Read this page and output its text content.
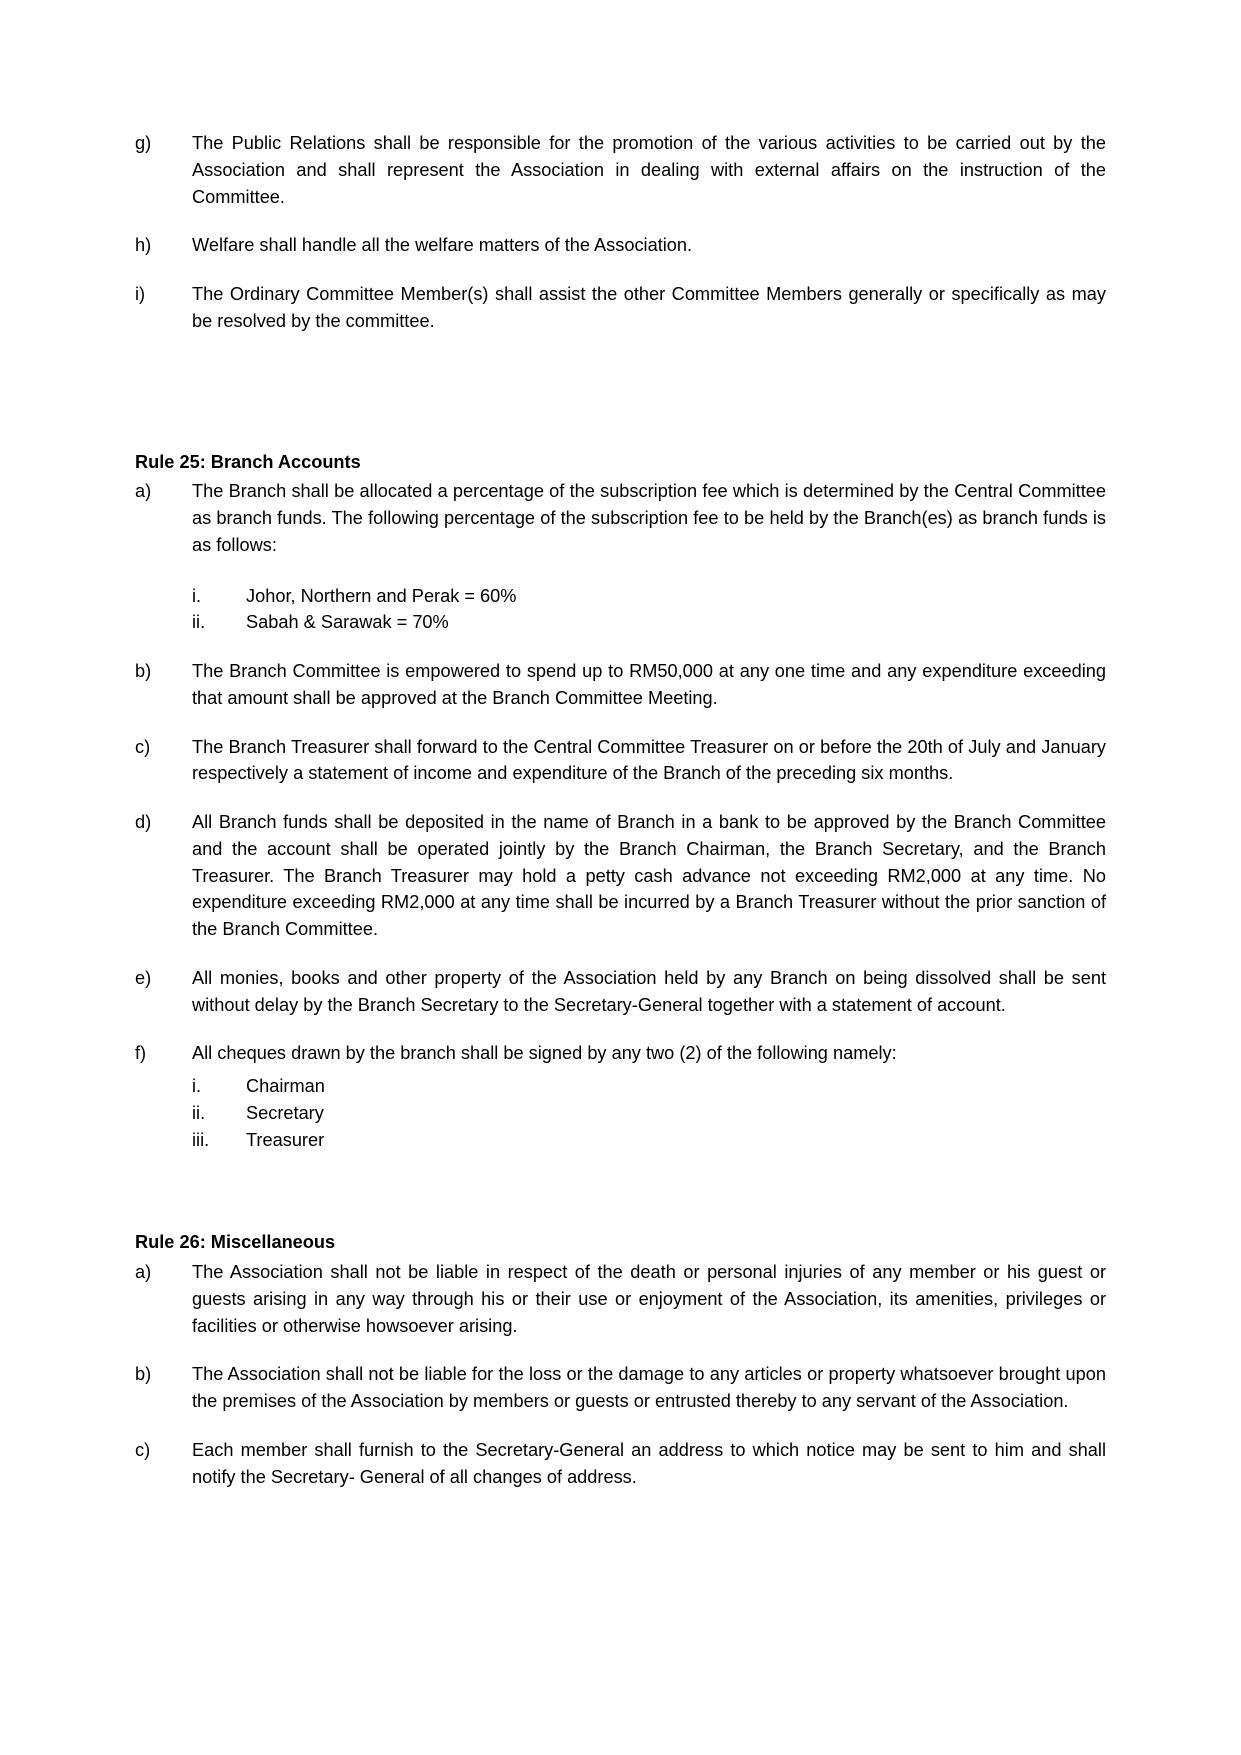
g)	The Public Relations shall be responsible for the promotion of the various activities to be carried out by the Association and shall represent the Association in dealing with external affairs on the instruction of the Committee.
h)	Welfare shall handle all the welfare matters of the Association.
i)	The Ordinary Committee Member(s) shall assist the other Committee Members generally or specifically as may be resolved by the committee.
Rule 25: Branch Accounts
a)	The Branch shall be allocated a percentage of the subscription fee which is determined by the Central Committee as branch funds. The following percentage of the subscription fee to be held by the Branch(es) as branch funds is as follows:
i.	Johor, Northern and Perak = 60%
ii.	Sabah & Sarawak = 70%
b)	The Branch Committee is empowered to spend up to RM50,000 at any one time and any expenditure exceeding that amount shall be approved at the Branch Committee Meeting.
c)	The Branch Treasurer shall forward to the Central Committee Treasurer on or before the 20th of July and January respectively a statement of income and expenditure of the Branch of the preceding six months.
d)	All Branch funds shall be deposited in the name of Branch in a bank to be approved by the Branch Committee and the account shall be operated jointly by the Branch Chairman, the Branch Secretary, and the Branch Treasurer. The Branch Treasurer may hold a petty cash advance not exceeding RM2,000 at any time. No expenditure exceeding RM2,000 at any time shall be incurred by a Branch Treasurer without the prior sanction of the Branch Committee.
e)	All monies, books and other property of the Association held by any Branch on being dissolved shall be sent without delay by the Branch Secretary to the Secretary-General together with a statement of account.
f)	All cheques drawn by the branch shall be signed by any two (2) of the following namely:
i.	Chairman
ii.	Secretary
iii.	Treasurer
Rule 26: Miscellaneous
a)	The Association shall not be liable in respect of the death or personal injuries of any member or his guest or guests arising in any way through his or their use or enjoyment of the Association, its amenities, privileges or facilities or otherwise howsoever arising.
b)	The Association shall not be liable for the loss or the damage to any articles or property whatsoever brought upon the premises of the Association by members or guests or entrusted thereby to any servant of the Association.
c)	Each member shall furnish to the Secretary-General an address to which notice may be sent to him and shall notify the Secretary- General of all changes of address.
